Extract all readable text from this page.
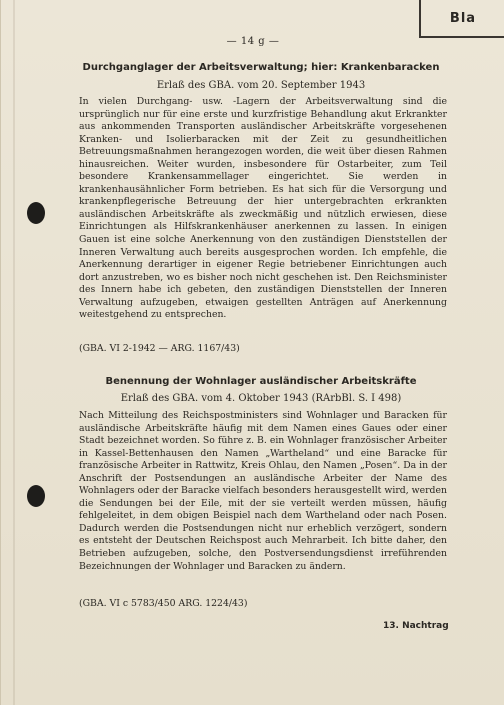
Bla
— 14 g —
Durchganglager der Arbeitsverwaltung; hier: Krankenbaracken
Erlaß des GBA. vom 20. September 1943

In vielen Durchgang- usw. -Lagern der Arbeitsverwaltung sind die ursprünglich nur für eine erste und kurzfristige Behandlung akut Erkrankter aus ankommenden Transporten ausländischer Arbeitskräfte vorgesehenen Kranken- und Isolierbaracken mit der Zeit zu gesundheitlichen Betreuungsmaßnahmen herangezogen worden, die weit über diesen Rahmen hinausreichen. Weiter wurden, insbesondere für Ostarbeiter, zum Teil besondere Krankensammellager eingerichtet. Sie werden in krankenhausähnlicher Form betrieben. Es hat sich für die Versorgung und krankenpflegerische Betreuung der hier untergebrachten erkrankten ausländischen Arbeitskräfte als zweckmäßig und nützlich erwiesen, diese Einrichtungen als Hilfskrankenhäuser anerkennen zu lassen. In einigen Gauen ist eine solche Anerkennung von den zuständigen Dienststellen der Inneren Verwaltung auch bereits ausgesprochen worden. Ich empfehle, die Anerkennung derartiger in eigener Regie betriebener Einrichtungen auch dort anzustreben, wo es bisher noch nicht geschehen ist. Den Reichsminister des Innern habe ich gebeten, den zuständigen Dienststellen der Inneren Verwaltung aufzugeben, etwaigen gestellten Anträgen auf Anerkennung weitestgehend zu entsprechen.

(GBA. VI 2-1942 — ARG. 1167/43)
Benennung der Wohnlager ausländischer Arbeitskräfte
Erlaß des GBA. vom 4. Oktober 1943 (RArbBl. S. I 498)

Nach Mitteilung des Reichspostministers sind Wohnlager und Baracken für ausländische Arbeitskräfte häufig mit dem Namen eines Gaues oder einer Stadt bezeichnet worden. So führe z. B. ein Wohnlager französischer Arbeiter in Kassel-Bettenhausen den Namen „Wartheland“ und eine Baracke für französische Arbeiter in Rattwitz, Kreis Ohlau, den Namen „Posen“. Da in der Anschrift der Postsendungen an ausländische Arbeiter der Name des Wohnlagers oder der Baracke vielfach besonders herausgestellt wird, werden die Sendungen bei der Eile, mit der sie verteilt werden müssen, häufig fehlgeleitet, in dem obigen Beispiel nach dem Wartheland oder nach Posen. Dadurch werden die Postsendungen nicht nur erheblich verzögert, sondern es entsteht der Deutschen Reichspost auch Mehrarbeit. Ich bitte daher, den Betrieben aufzugeben, solche, den Postversendungsdienst irreführenden Bezeichnungen der Wohnlager und Baracken zu ändern.

(GBA. VI c 5783/450 ARG. 1224/43)
13. Nachtrag
